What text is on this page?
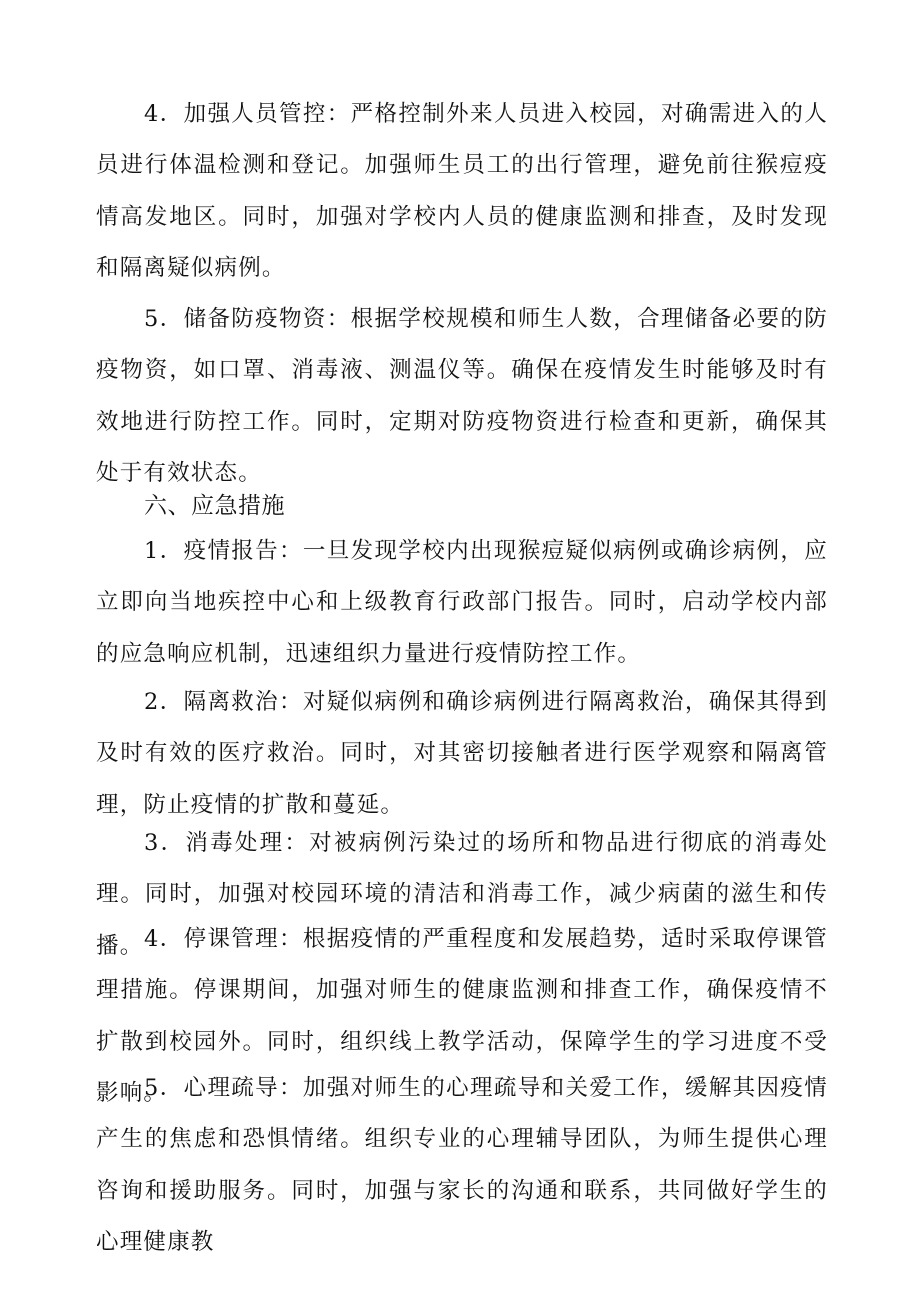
4．加强人员管控：严格控制外来人员进入校园，对确需进入的人员进行体温检测和登记。加强师生员工的出行管理，避免前往猴痘疫情高发地区。同时，加强对学校内人员的健康监测和排查，及时发现和隔离疑似病例。

5．储备防疫物资：根据学校规模和师生人数，合理储备必要的防疫物资，如口罩、消毒液、测温仪等。确保在疫情发生时能够及时有效地进行防控工作。同时，定期对防疫物资进行检查和更新，确保其处于有效状态。

六、应急措施

1．疫情报告：一旦发现学校内出现猴痘疑似病例或确诊病例，应立即向当地疾控中心和上级教育行政部门报告。同时，启动学校内部的应急响应机制，迅速组织力量进行疫情防控工作。

2．隔离救治：对疑似病例和确诊病例进行隔离救治，确保其得到及时有效的医疗救治。同时，对其密切接触者进行医学观察和隔离管理，防止疫情的扩散和蔓延。

3．消毒处理：对被病例污染过的场所和物品进行彻底的消毒处理。同时，加强对校园环境的清洁和消毒工作，减少病菌的滋生和传播。 4．停课管理：根据疫情的严重程度和发展趋势，适时采取停课管理措施。停课期间，加强对师生的健康监测和排查工作，确保疫情不扩散到校园外。同时，组织线上教学活动，保障学生的学习进度不受影响。

5．心理疏导：加强对师生的心理疏导和关爱工作，缓解其因疫情产生的焦虑和恐惧情绪。组织专业的心理辅导团队，为师生提供心理咨询和援助服务。同时，加强与家长的沟通和联系，共同做好学生的心理健康教
